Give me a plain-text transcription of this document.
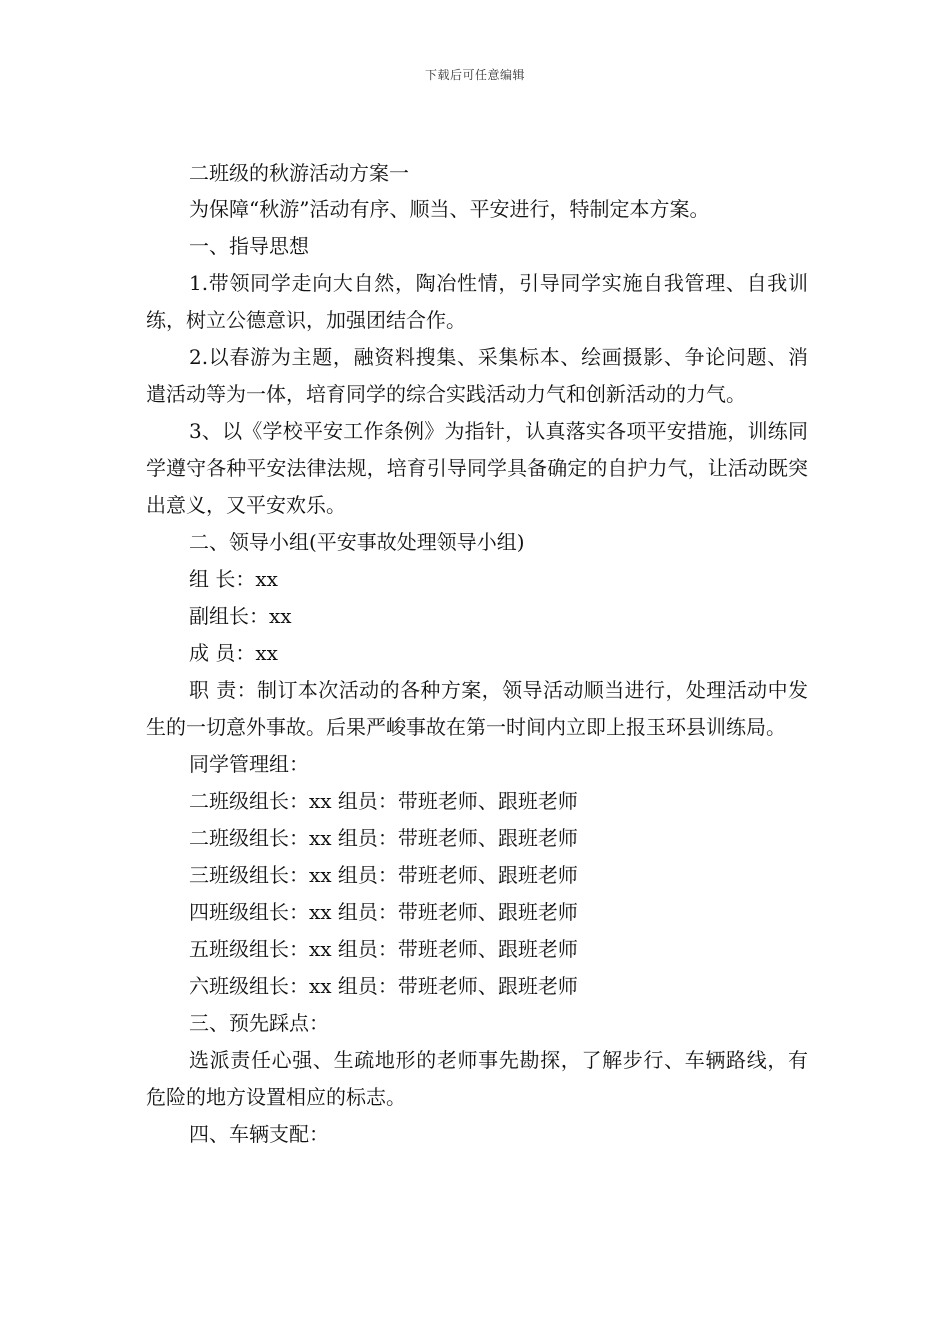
下载后可任意编辑

二班级的秋游活动方案一

为保障“秋游”活动有序、顺当、平安进行，特制定本方案。

一、指导思想

1.带领同学走向大自然，陶冶性情，引导同学实施自我管理、自我训练，树立公德意识，加强团结合作。

2.以春游为主题，融资料搜集、采集标本、绘画摄影、争论问题、消遣活动等为一体，培育同学的综合实践活动力气和创新活动的力气。

3、以《学校平安工作条例》为指针，认真落实各项平安措施，训练同学遵守各种平安法律法规，培育引导同学具备确定的自护力气，让活动既突出意义，又平安欢乐。

二、领导小组(平安事故处理领导小组)

组 长：xx

副组长：xx

成 员：xx

职 责：制订本次活动的各种方案，领导活动顺当进行，处理活动中发生的一切意外事故。后果严峻事故在第一时间内立即上报玉环县训练局。

同学管理组：

二班级组长：xx 组员：带班老师、跟班老师

二班级组长：xx 组员：带班老师、跟班老师

三班级组长：xx 组员：带班老师、跟班老师

四班级组长：xx 组员：带班老师、跟班老师

五班级组长：xx 组员：带班老师、跟班老师

六班级组长：xx 组员：带班老师、跟班老师

三、预先踩点：

选派责任心强、生疏地形的老师事先勘探，了解步行、车辆路线，有危险的地方设置相应的标志。

四、车辆支配：
